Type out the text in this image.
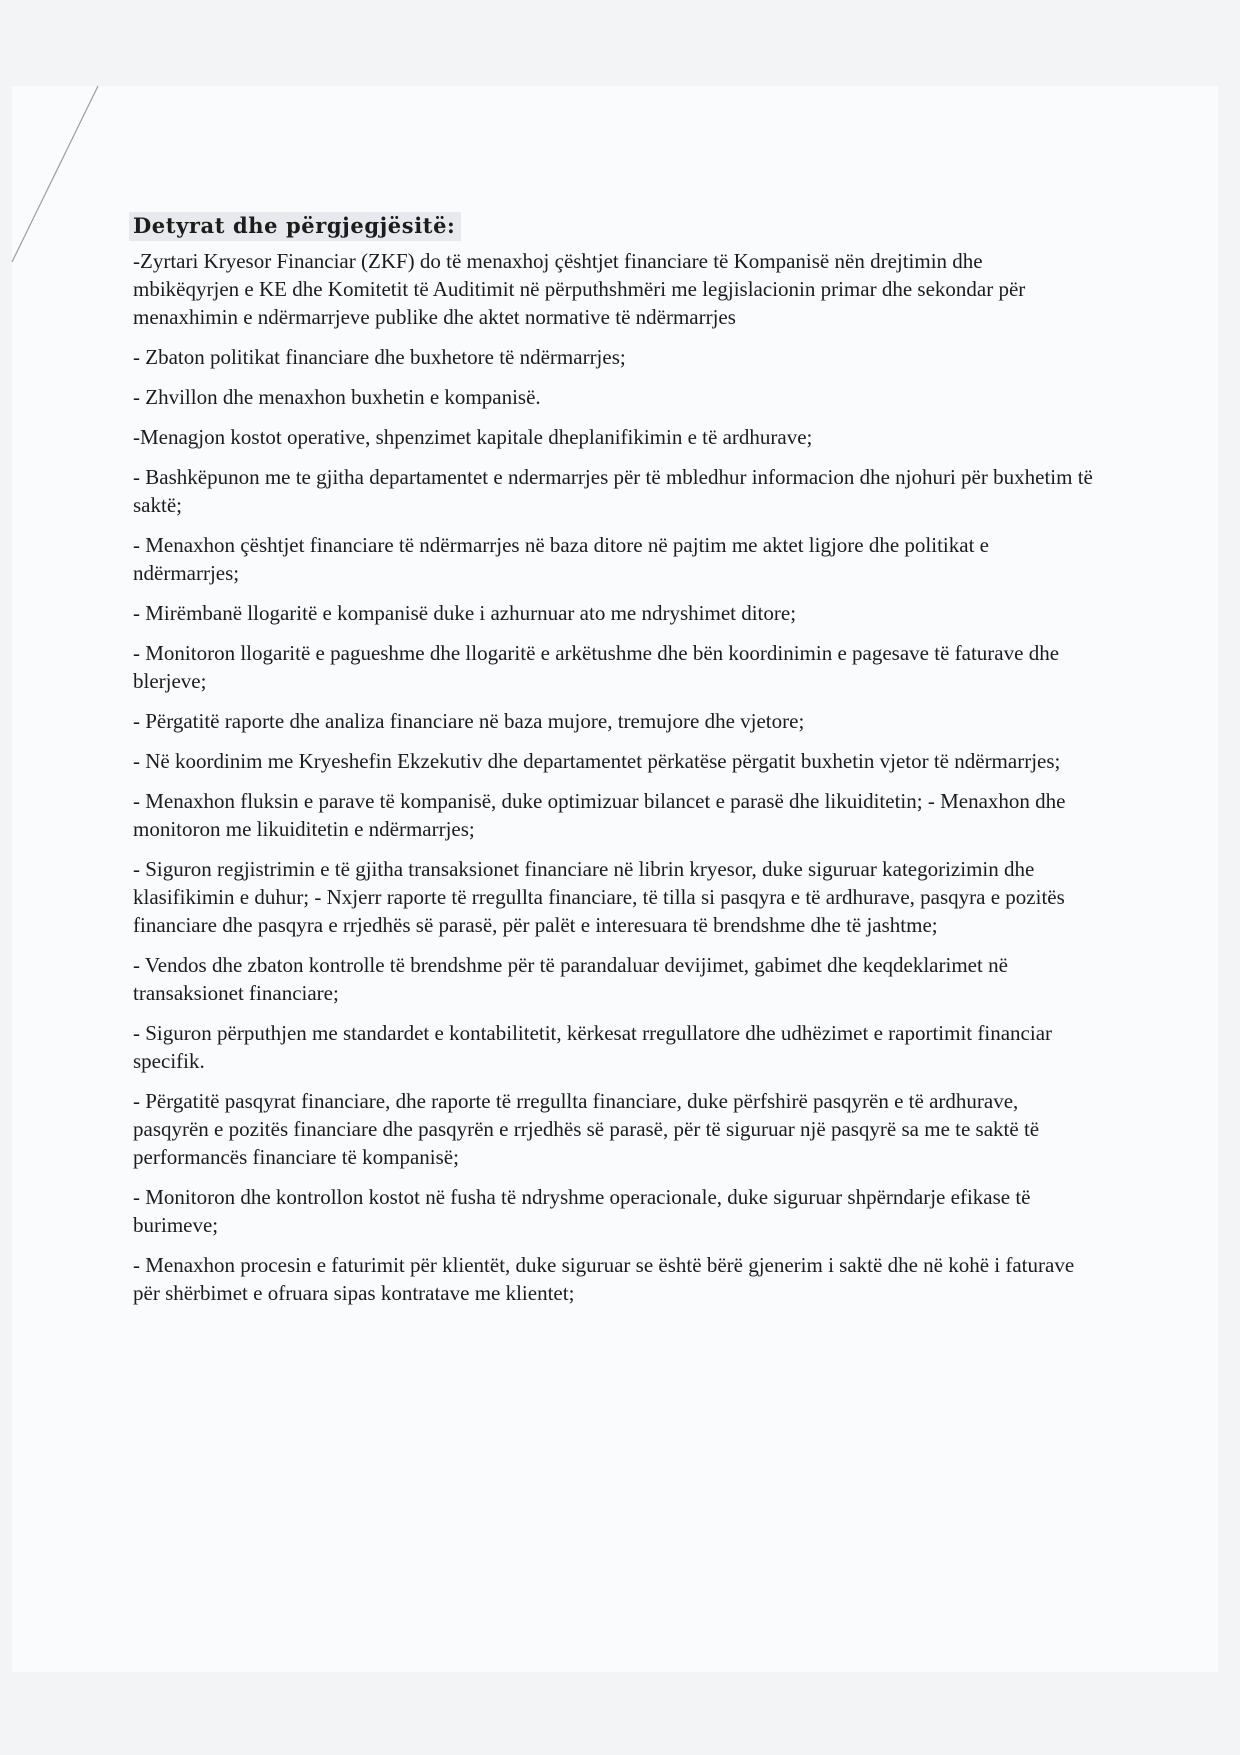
Detyrat dhe përgjegjësitë:

-Zyrtari Kryesor Financiar (ZKF) do të menaxhoj çështjet financiare të Kompanisë nën drejtimin dhe mbikëqyrjen e KE dhe Komitetit të Auditimit në përputhshmëri me legjislacionin primar dhe sekondar për menaxhimin e ndërmarrjeve publike dhe aktet normative të ndërmarrjes

- Zbaton politikat financiare dhe buxhetore të ndërmarrjes;

- Zhvillon dhe menaxhon buxhetin e kompanisë.

-Menagjon kostot operative, shpenzimet kapitale dheplanifikimin e të ardhurave;

- Bashkëpunon me te gjitha departamentet e ndermarrjes për të mbledhur informacion dhe njohuri për buxhetim të saktë;

- Menaxhon çështjet financiare të ndërmarrjes në baza ditore në pajtim me aktet ligjore dhe politikat e ndërmarrjes;

- Mirëmbanë llogaritë e kompanisë duke i azhurnuar ato me ndryshimet ditore;

- Monitoron llogaritë e pagueshme dhe llogaritë e arkëtushme dhe bën koordinimin e pagesave të faturave dhe blerjeve;

- Përgatitë raporte dhe analiza financiare në baza mujore, tremujore dhe vjetore;

- Në koordinim me Kryeshefin Ekzekutiv dhe departamentet përkatëse përgatit buxhetin vjetor të ndërmarrjes;

- Menaxhon fluksin e parave të kompanisë, duke optimizuar bilancet e parasë dhe likuiditetin; - Menaxhon dhe monitoron me likuiditetin e ndërmarrjes;

- Siguron regjistrimin e të gjitha transaksionet financiare në librin kryesor, duke siguruar kategorizimin dhe klasifikimin e duhur; - Nxjerr raporte të rregullta financiare, të tilla si pasqyra e të ardhurave, pasqyra e pozitës financiare dhe pasqyra e rrjedhës së parasë, për palët e interesuara të brendshme dhe të jashtme;

- Vendos dhe zbaton kontrolle të brendshme për të parandaluar devijimet, gabimet dhe keqdeklarimet në transaksionet financiare;

- Siguron përputhjen me standardet e kontabilitetit, kërkesat rregullatore dhe udhëzimet e raportimit financiar specifik.

- Përgatitë pasqyrat financiare, dhe raporte të rregullta financiare, duke përfshirë pasqyrën e të ardhurave, pasqyrën e pozitës financiare dhe pasqyrën e rrjedhës së parasë, për të siguruar një pasqyrë sa me te saktë të performancës financiare të kompanisë;

- Monitoron dhe kontrollon kostot në fusha të ndryshme operacionale, duke siguruar shpërndarje efikase të burimeve;

- Menaxhon procesin e faturimit për klientët, duke siguruar se është bërë gjenerim i saktë dhe në kohë i faturave për shërbimet e ofruara sipas kontratave me klientet;
